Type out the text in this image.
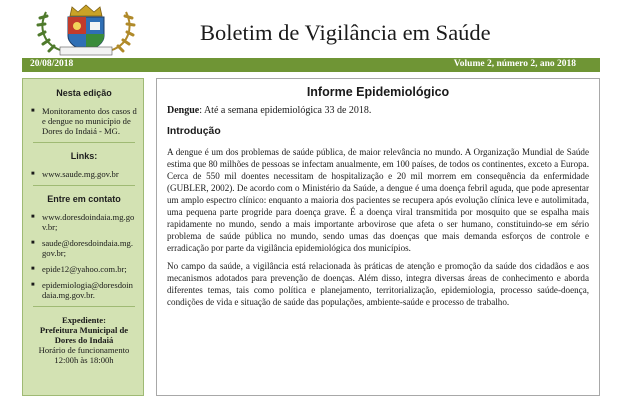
Boletim de Vigilância em Saúde
20/08/2018	Volume 2, número 2, ano 2018
Nesta edição
■ Monitoramento dos casos de dengue no município de Dores do Indaiá - MG.
Links:
■ www.saude.mg.gov.br
Entre em contato
■ www.doresdoindaia.mg.gov.br;
■ saude@doresdoindaia.mg.gov.br;
■ epide12@yahoo.com.br;
■ epidemiologia@doresdoindaia.mg.gov.br.
Expediente:
Prefeitura Municipal de Dores do Indaiá
Horário de funcionamento
12:00h às 18:00h
Informe Epidemiológico
Dengue: Até a semana epidemiológica 33 de 2018.
Introdução

A dengue é um dos problemas de saúde pública, de maior relevância no mundo. A Organização Mundial de Saúde estima que 80 milhões de pessoas se infectam anualmente, em 100 países, de todos os continentes, exceto a Europa. Cerca de 550 mil doentes necessitam de hospitalização e 20 mil morrem em consequência da enfermidade (GUBLER, 2002). De acordo com o Ministério da Saúde, a dengue é uma doença febril aguda, que pode apresentar um amplo espectro clínico: enquanto a maioria dos pacientes se recupera após evolução clínica leve e autolimitada, uma pequena parte progride para doença grave. É a doença viral transmitida por mosquito que se espalha mais rapidamente no mundo, sendo a mais importante arbovirose que afeta o ser humano, constituindo-se em sério problema de saúde pública no mundo, sendo umas das doenças que mais demanda esforços de controle e erradicação por parte da vigilância epidemiológica dos municípios.

No campo da saúde, a vigilância está relacionada às práticas de atenção e promoção da saúde dos cidadãos e aos mecanismos adotados para prevenção de doenças. Além disso, integra diversas áreas de conhecimento e aborda diferentes temas, tais como política e planejamento, territorialização, epidemiologia, processo saúde-doença, condições de vida e situação de saúde das populações, ambiente-saúde e processo de trabalho.
